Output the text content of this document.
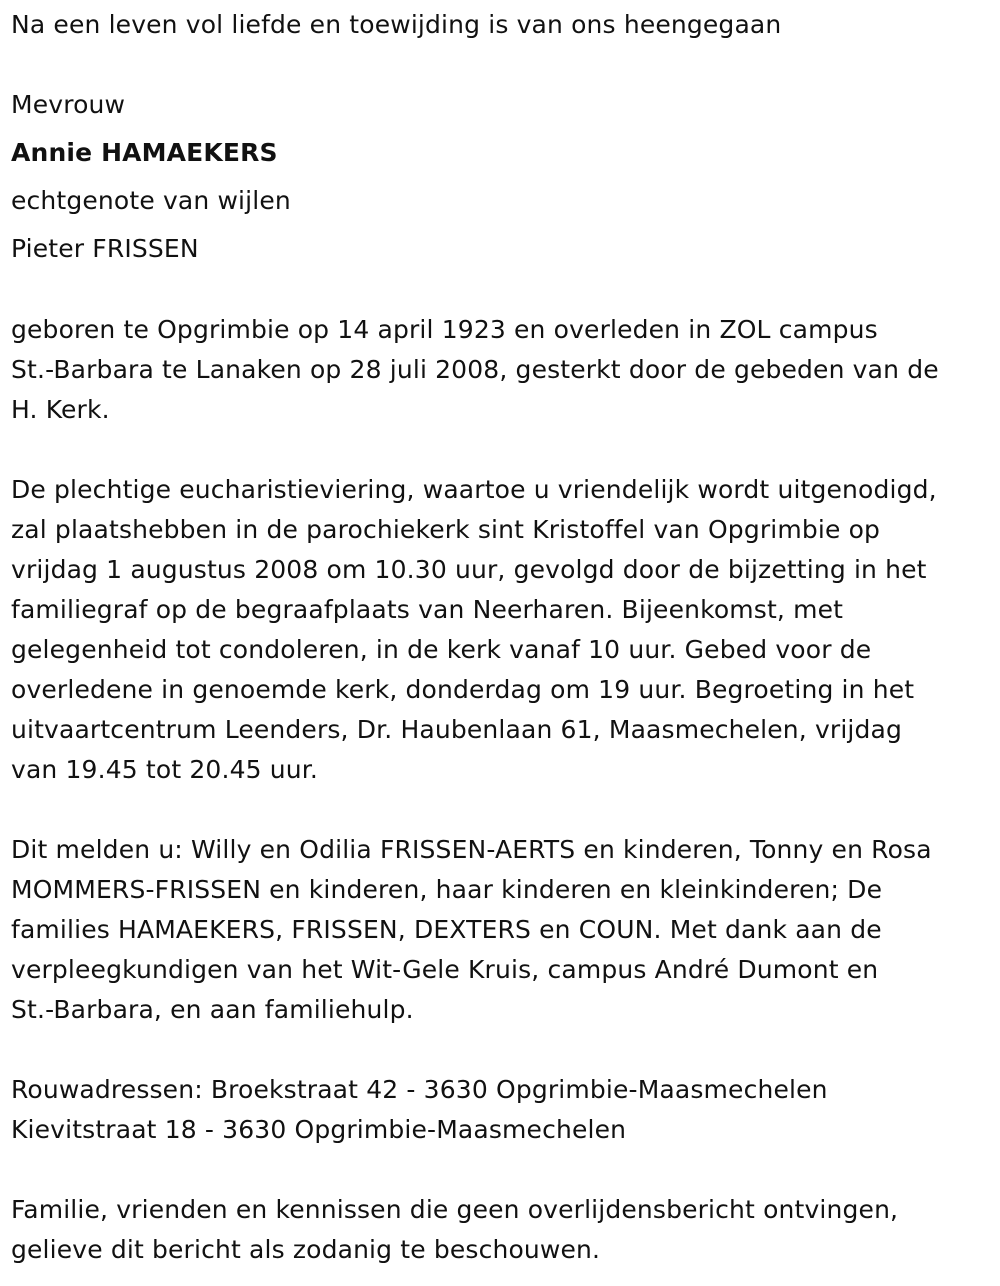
Na een leven vol liefde en toewijding is van ons heengegaan

Mevrouw

Annie HAMAEKERS

echtgenote van wijlen

Pieter FRISSEN

geboren te Opgrimbie op 14 april 1923 en overleden in ZOL campus

St.-Barbara te Lanaken op 28 juli 2008, gesterkt door de gebeden van de

H. Kerk.

De plechtige eucharistieviering, waartoe u vriendelijk wordt uitgenodigd,

zal plaatshebben in de parochiekerk sint Kristoffel van Opgrimbie op

vrijdag 1 augustus 2008 om 10.30 uur, gevolgd door de bijzetting in het

familiegraf op de begraafplaats van Neerharen. Bijeenkomst, met

gelegenheid tot condoleren, in de kerk vanaf 10 uur. Gebed voor de

overledene in genoemde kerk, donderdag om 19 uur. Begroeting in het

uitvaartcentrum Leenders, Dr. Haubenlaan 61, Maasmechelen, vrijdag

van 19.45 tot 20.45 uur.

Dit melden u: Willy en Odilia FRISSEN-AERTS en kinderen, Tonny en Rosa

MOMMERS-FRISSEN en kinderen, haar kinderen en kleinkinderen; De

families HAMAEKERS, FRISSEN, DEXTERS en COUN. Met dank aan de

verpleegkundigen van het Wit-Gele Kruis, campus André Dumont en

St.-Barbara, en aan familiehulp.

Rouwadressen: Broekstraat 42 - 3630 Opgrimbie-Maasmechelen

Kievitstraat 18 - 3630 Opgrimbie-Maasmechelen

Familie, vrienden en kennissen die geen overlijdensbericht ontvingen,

gelieve dit bericht als zodanig te beschouwen.
